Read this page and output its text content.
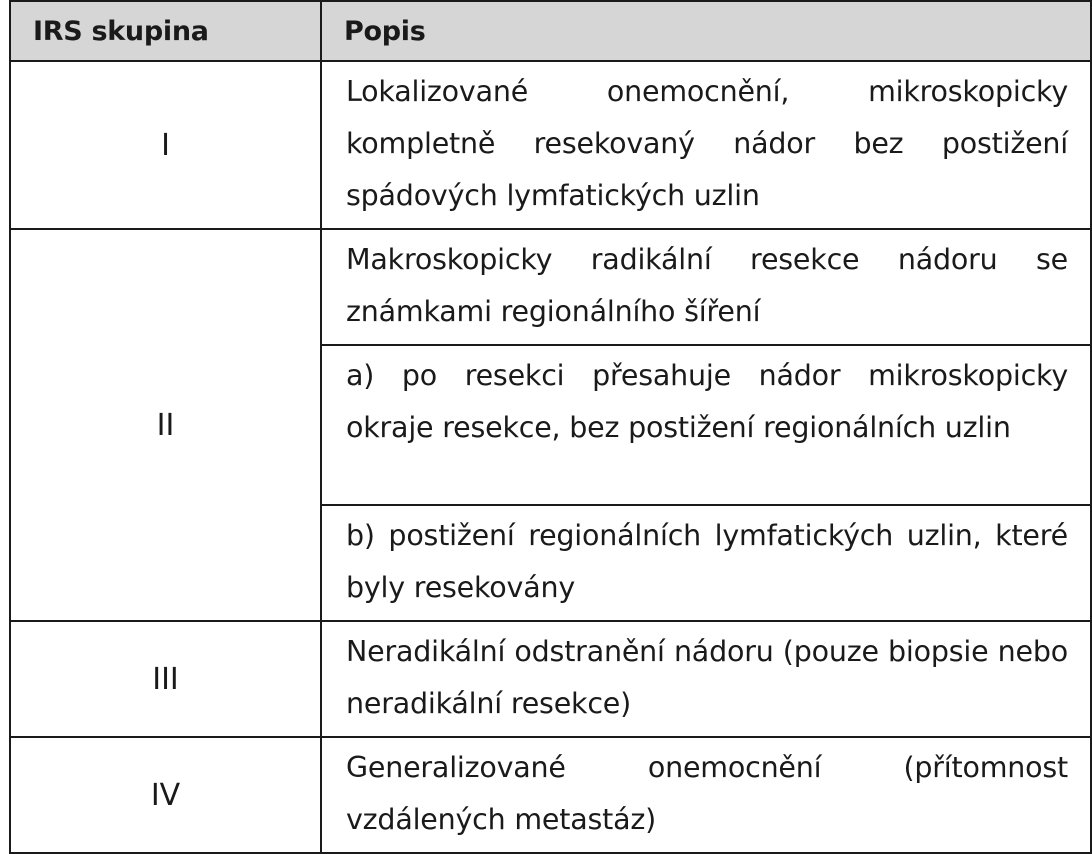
IRS skupina	Popis
I	Lokalizované onemocnění, mikroskopicky kompletně resekovaný nádor bez postižení spádových lymfatických uzlin

II	Makroskopicky radikální resekce nádoru se známkami regionálního šíření

	a) po resekci přesahuje nádor mikroskopicky okraje resekce, bez postižení regionálních uzlin

	b) postižení regionálních lymfatických uzlin, které byly resekovány

III	Neradikální odstranění nádoru (pouze biopsie nebo neradikální resekce)

IV	Generalizované onemocnění (přítomnost vzdálených metastáz)
